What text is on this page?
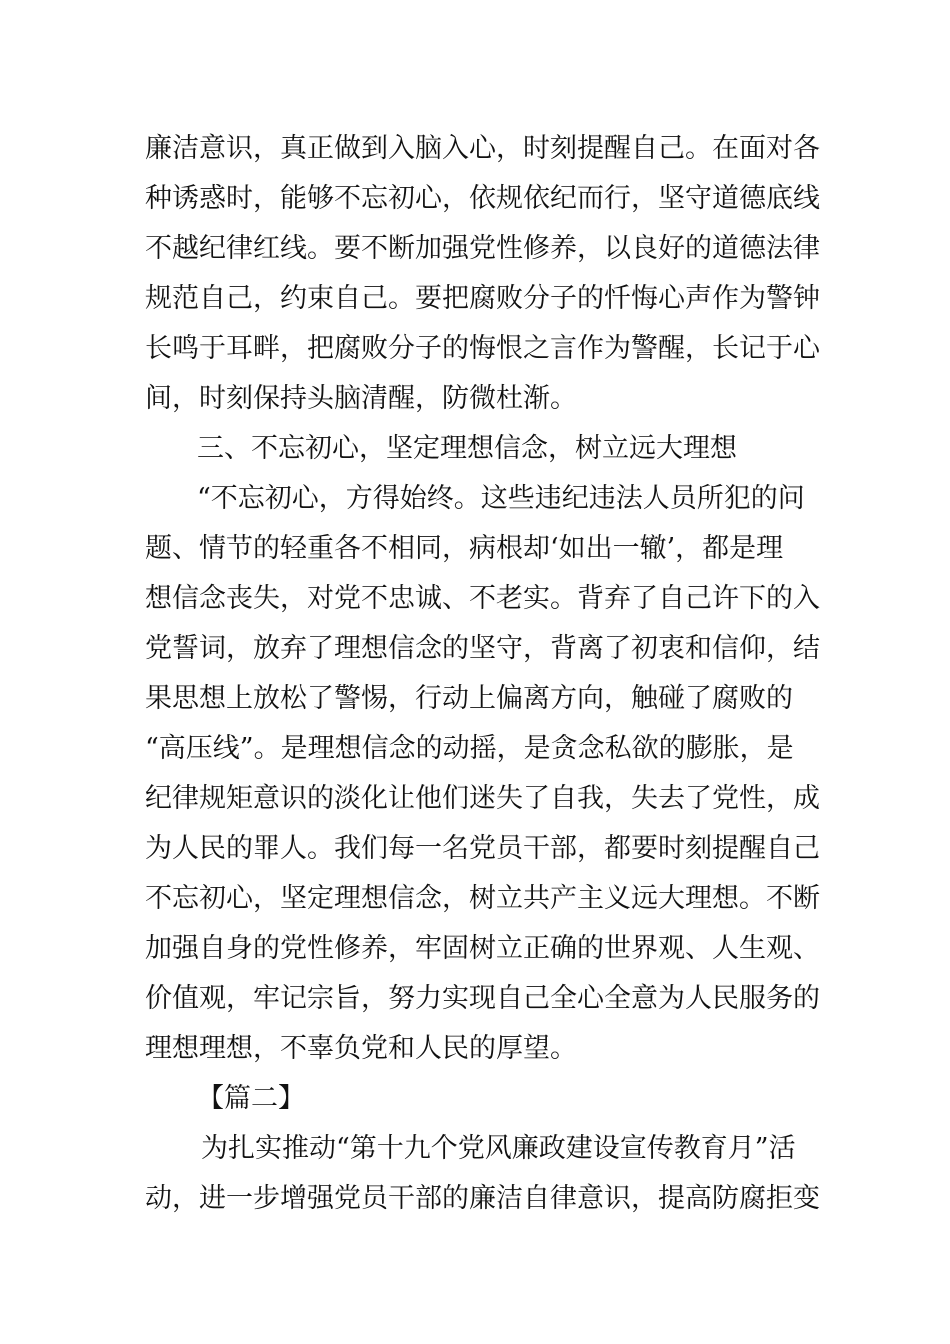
廉洁意识，真正做到入脑入心，时刻提醒自己。在面对各
种诱惑时，能够不忘初心，依规依纪而行，坚守道德底线
不越纪律红线。要不断加强党性修养，以良好的道德法律
规范自己，约束自己。要把腐败分子的忏悔心声作为警钟
长鸣于耳畔，把腐败分子的悔恨之言作为警醒，长记于心
间，时刻保持头脑清醒，防微杜渐。
三、不忘初心，坚定理想信念，树立远大理想
“不忘初心，方得始终。这些违纪违法人员所犯的问
题、情节的轻重各不相同，病根却‘如出一辙’，都是理
想信念丧失，对党不忠诚、不老实。背弃了自己许下的入
党誓词，放弃了理想信念的坚守，背离了初衷和信仰，结
果思想上放松了警惕，行动上偏离方向，触碰了腐败的
“高压线”。是理想信念的动摇，是贪念私欲的膨胀，是
纪律规矩意识的淡化让他们迷失了自我，失去了党性，成
为人民的罪人。我们每一名党员干部，都要时刻提醒自己
不忘初心，坚定理想信念，树立共产主义远大理想。不断
加强自身的党性修养，牢固树立正确的世界观、人生观、
价值观，牢记宗旨，努力实现自己全心全意为人民服务的
理想理想，不辜负党和人民的厚望。
【篇二】
为扎实推动“第十九个党风廉政建设宣传教育月”活
动，进一步增强党员干部的廉洁自律意识，提高防腐拒变
